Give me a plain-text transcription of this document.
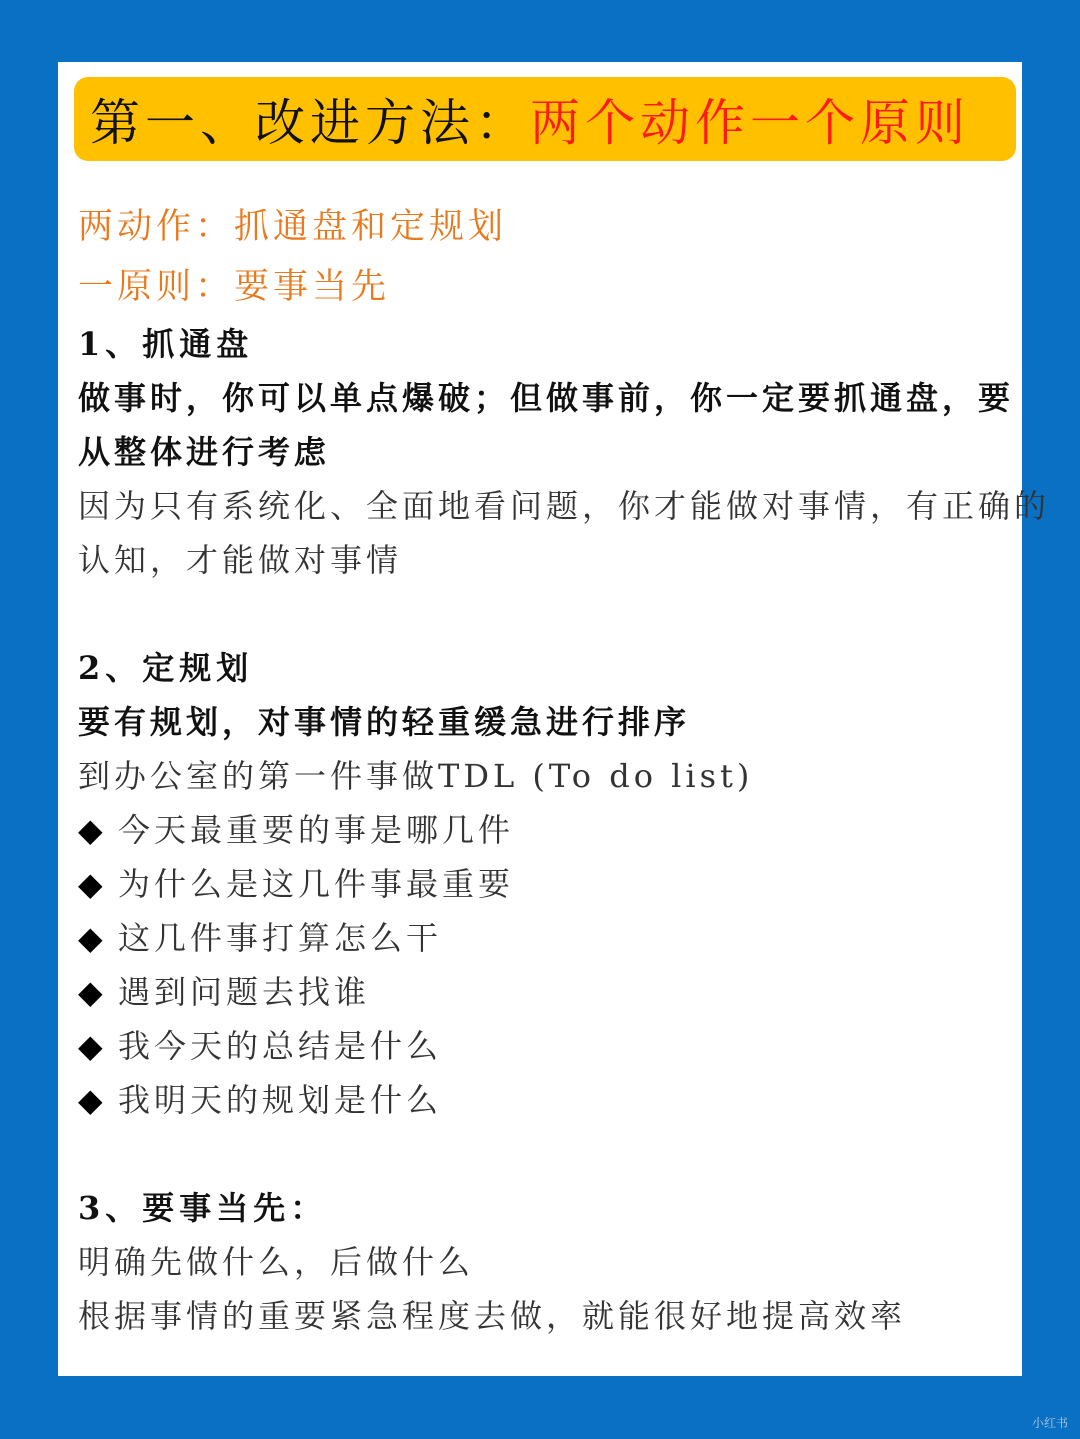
第一、改进方法： 两个动作一个原则
两动作：抓通盘和定规划
一原则：要事当先
1、抓通盘
做事时，你可以单点爆破；但做事前，你一定要抓通盘，要
从整体进行考虑
因为只有系统化、全面地看问题，你才能做对事情，有正确的
认知，才能做对事情
2、定规划
要有规划，对事情的轻重缓急进行排序
到办公室的第一件事做TDL (To do list)
◆ 今天最重要的事是哪几件
◆ 为什么是这几件事最重要
◆ 这几件事打算怎么干
◆ 遇到问题去找谁
◆ 我今天的总结是什么
◆ 我明天的规划是什么
3、要事当先：
明确先做什么，后做什么
根据事情的重要紧急程度去做，就能很好地提高效率
小红书
